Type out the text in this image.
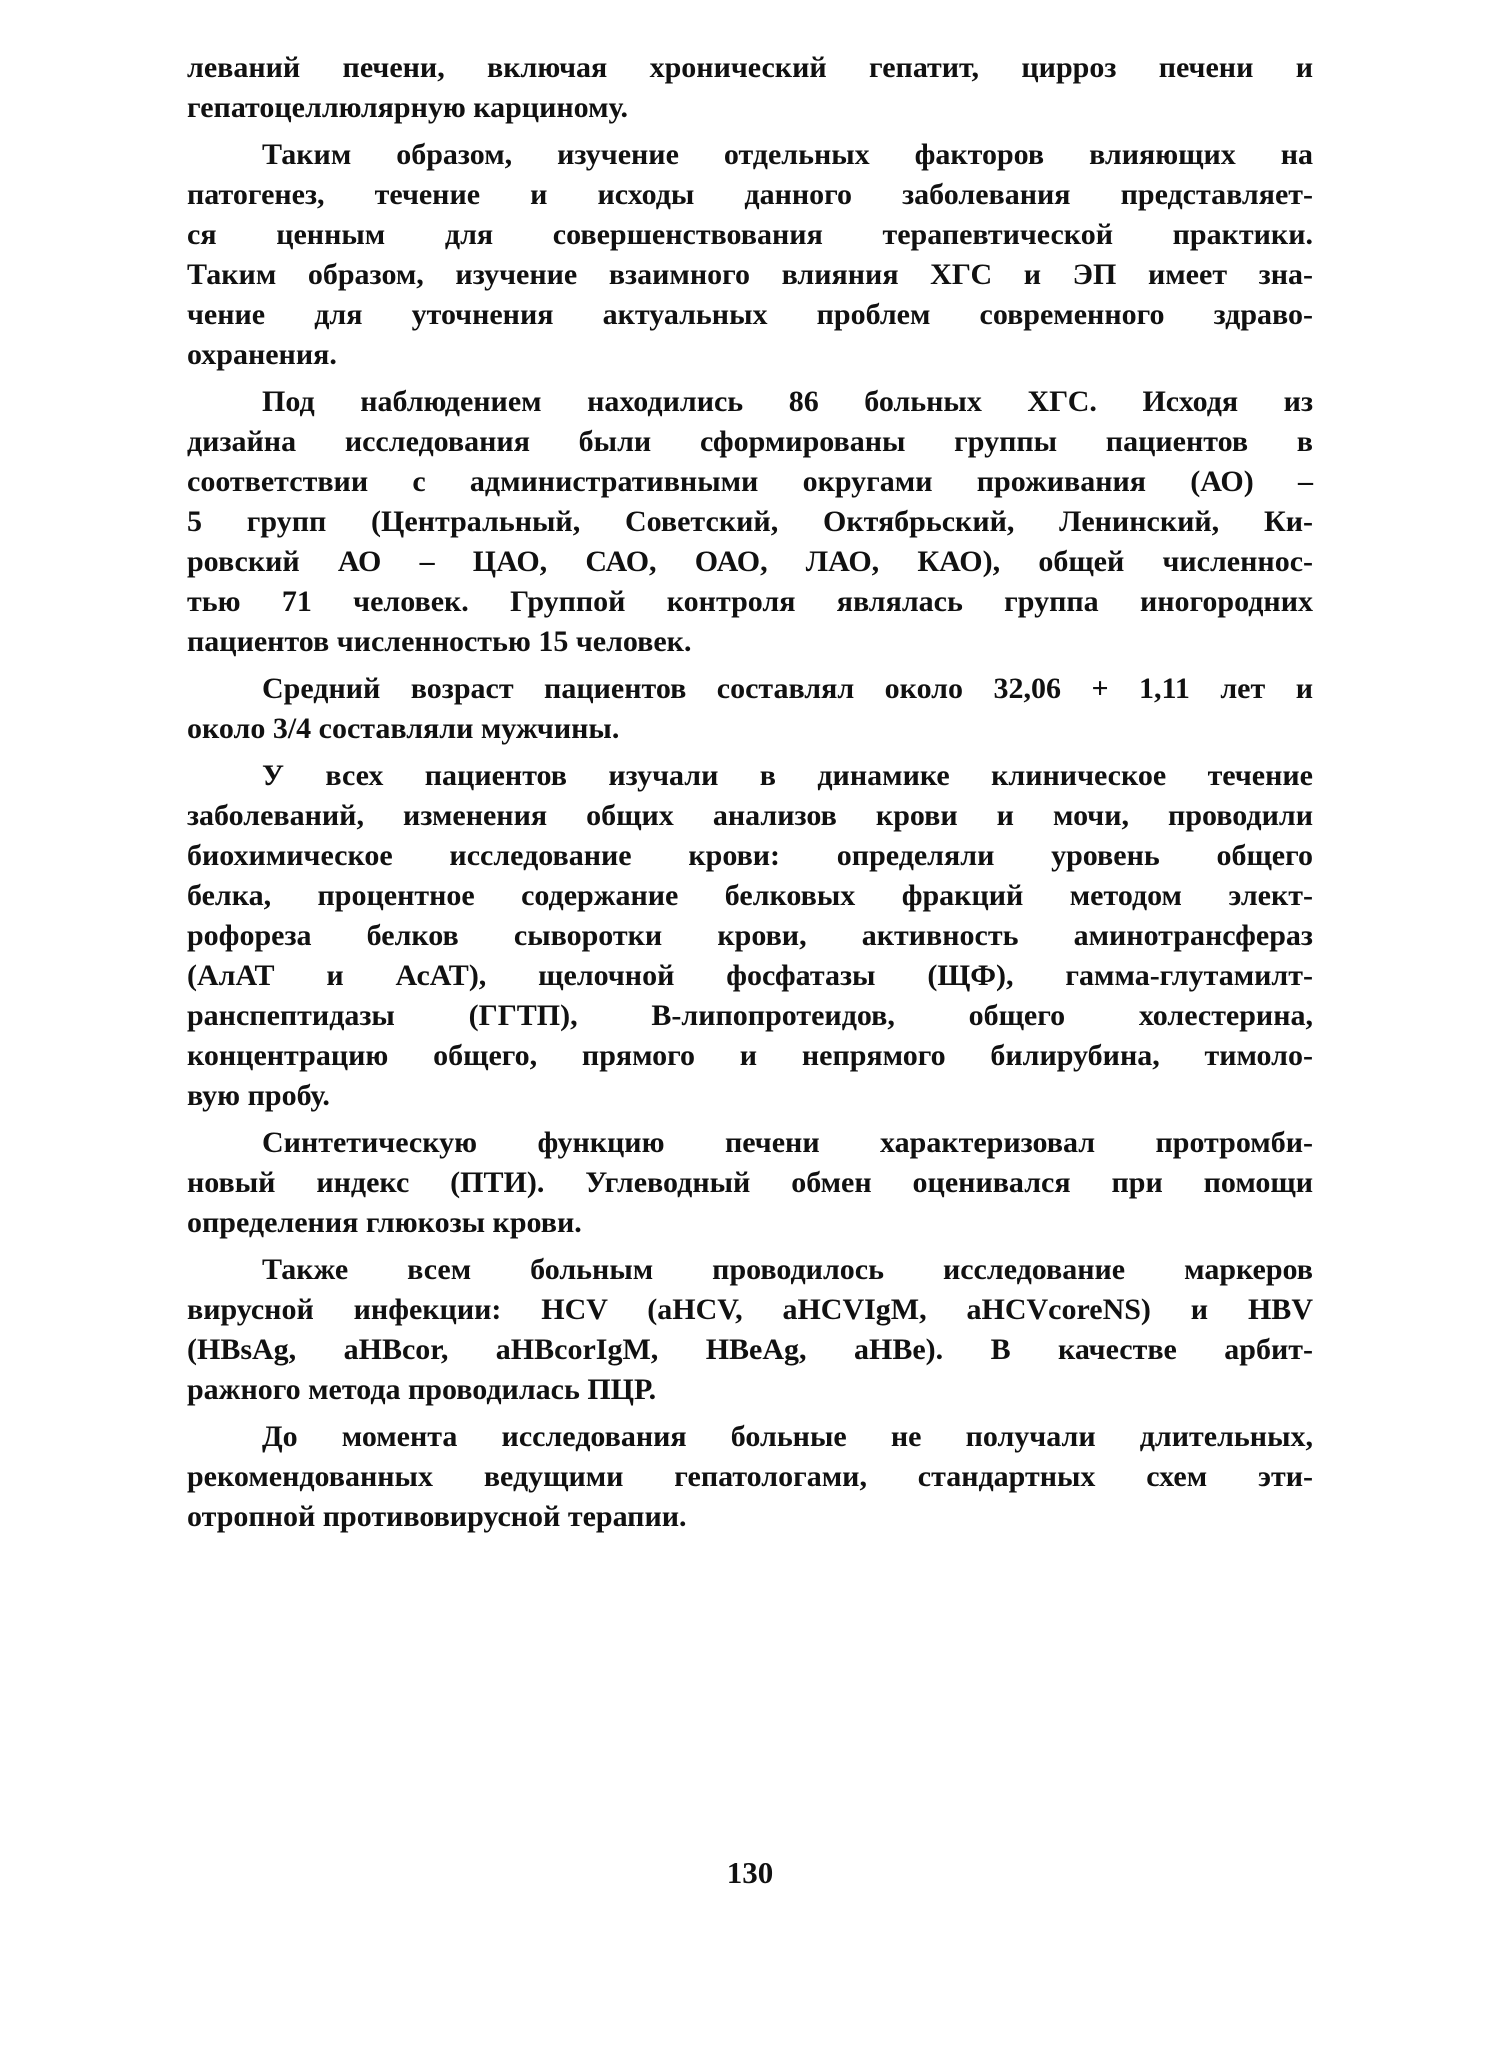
леваний печени, включая хронический гепатит, цирроз печени и
гепатоцеллюлярную карциному.

Таким образом, изучение отдельных факторов влияющих на
патогенез, течение и исходы данного заболевания представляет-
ся ценным для совершенствования терапевтической практики.
Таким образом, изучение взаимного влияния ХГС и ЭП имеет зна-
чение для уточнения актуальных проблем современного здраво-
охранения.

Под наблюдением находились 86 больных ХГС. Исходя из
дизайна исследования были сформированы группы пациентов в
соответствии с административными округами проживания (АО) –
5 групп (Центральный, Советский, Октябрьский, Ленинский, Ки-
ровский АО – ЦАО, САО, ОАО, ЛАО, КАО), общей численнос-
тью 71 человек. Группой контроля являлась группа иногородних
пациентов численностью 15 человек.

Средний возраст пациентов составлял около 32,06 + 1,11 лет и
около 3/4 составляли мужчины.

У всех пациентов изучали в динамике клиническое течение
заболеваний, изменения общих анализов крови и мочи, проводили
биохимическое исследование крови: определяли уровень общего
белка, процентное содержание белковых фракций методом элект-
рофореза белков сыворотки крови, активность аминотрансфераз
(АлАТ и АсАТ), щелочной фосфатазы (ЩФ), гамма-глутамилт-
ранспептидазы (ГГТП), В-липопротеидов, общего холестерина,
концентрацию общего, прямого и непрямого билирубина, тимоло-
вую пробу.

Синтетическую функцию печени характеризовал протромби-
новый индекс (ПТИ). Углеводный обмен оценивался при помощи
определения глюкозы крови.

Также всем больным проводилось исследование маркеров
вирусной инфекции: HCV (aHCV, aHCVIgM, aHCVcoreNS) и HBV
(HBsAg, aHBcor, aHBcorIgM, HBeAg, aHBe). В качестве арбит-
ражного метода проводилась ПЦР.

До момента исследования больные не получали длительных,
рекомендованных ведущими гепатологами, стандартных схем эти-
отропной противовирусной терапии.

130
